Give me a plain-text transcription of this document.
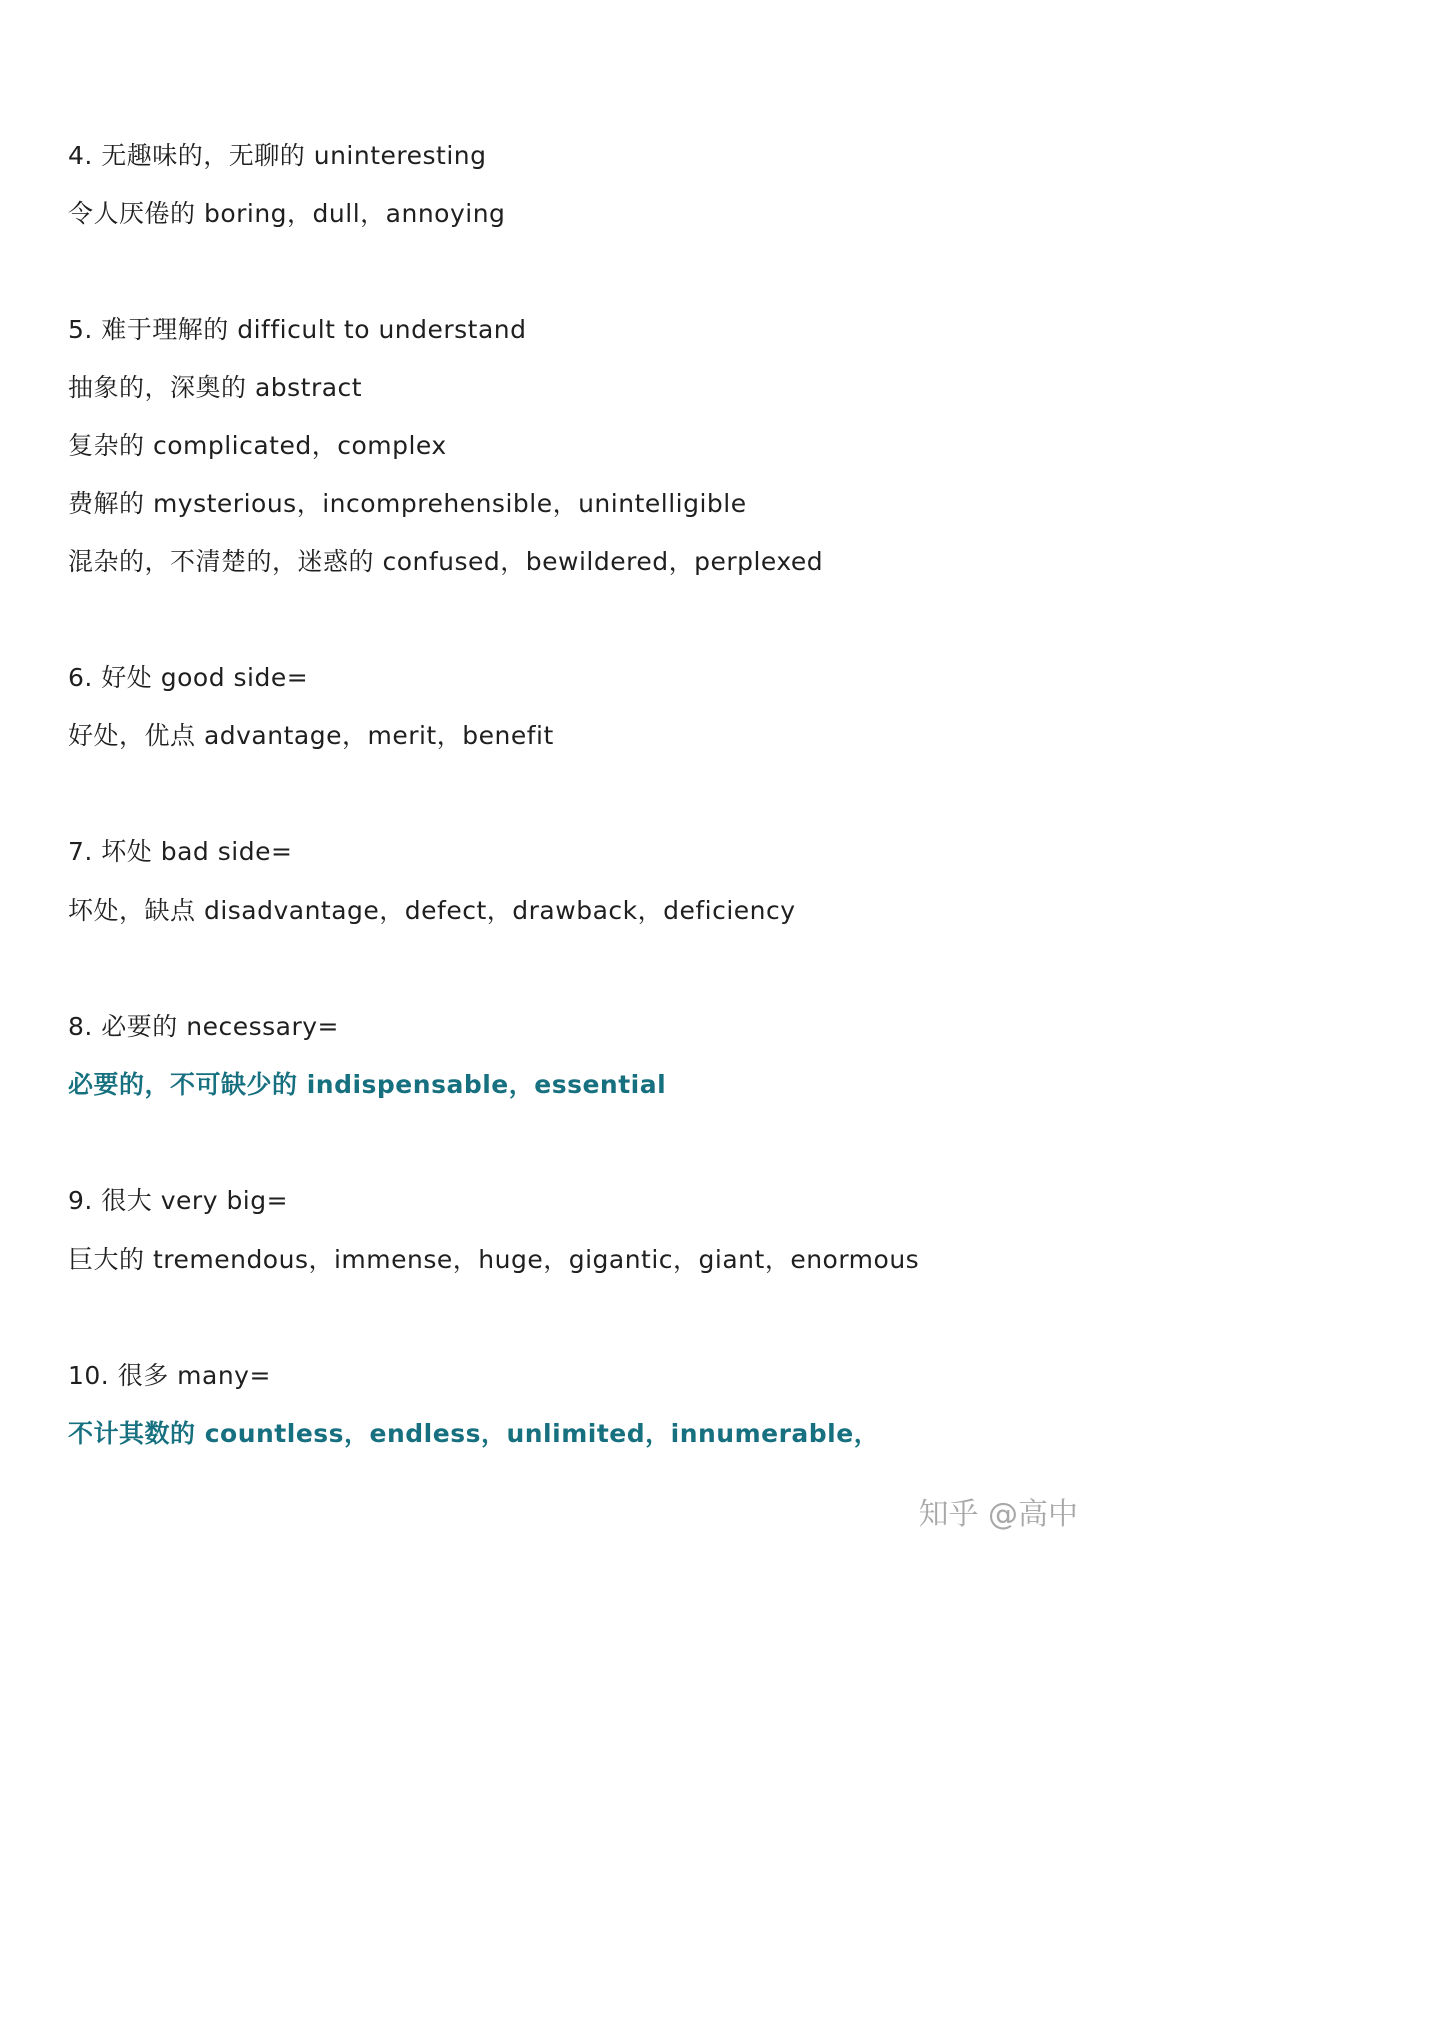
4. 无趣味的，无聊的 uninteresting
令人厌倦的 boring，dull，annoying
5. 难于理解的 difficult to understand
抽象的，深奥的 abstract
复杂的 complicated，complex
费解的 mysterious，incomprehensible，unintelligible
混杂的，不清楚的，迷惑的 confused，bewildered，perplexed
6. 好处 good side=
好处，优点 advantage，merit，benefit
7. 坏处 bad side=
坏处，缺点 disadvantage，defect，drawback，deficiency
8. 必要的 necessary=
必要的，不可缺少的 indispensable，essential
9. 很大 very big=
巨大的 tremendous，immense，huge，gigantic，giant，enormous
10. 很多 many=
不计其数的 countless，endless，unlimited，innumerable，
知乎 @高中
